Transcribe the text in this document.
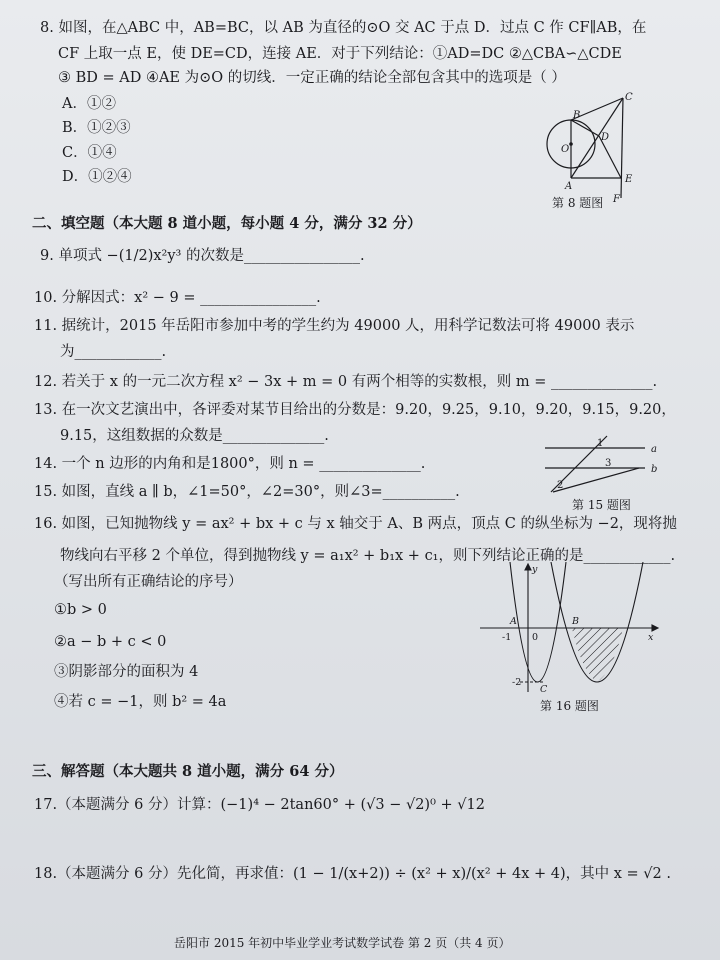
8. 如图，在△ABC 中，AB=BC，以 AB 为直径的⊙O 交 AC 于点 D．过点 C 作 CF∥AB，在
CF 上取一点 E，使 DE=CD，连接 AE．对于下列结论：①AD=DC ②△CBA∽△CDE
③ BD = AD ④AE 为⊙O 的切线．一定正确的结论全部包含其中的选项是（ ）
A．①②
B．①②③
C．①④
D．①②④
B
C
O
D
A
E
F
第 8 题图
二、填空题（本大题 8 道小题，每小题 4 分，满分 32 分）
9. 单项式 −(1/2)x²y³ 的次数是________________.
10. 分解因式：x² − 9 = ________________.
11. 据统计，2015 年岳阳市参加中考的学生约为 49000 人，用科学记数法可将 49000 表示
为____________.
12. 若关于 x 的一元二次方程 x² − 3x + m = 0 有两个相等的实数根，则 m = ______________.
13. 在一次文艺演出中，各评委对某节目给出的分数是：9.20，9.25，9.10，9.20，9.15，9.20，
9.15，这组数据的众数是______________.
14. 一个 n 边形的内角和是1800°，则 n = ______________.
15. 如图，直线 a ∥ b，∠1=50°，∠2=30°，则∠3=__________.
a
b
1
2
3
第 15 题图
16. 如图，已知抛物线 y = ax² + bx + c 与 x 轴交于 A、B 两点，顶点 C 的纵坐标为 −2，现将抛
物线向右平移 2 个单位，得到抛物线 y = a₁x² + b₁x + c₁，则下列结论正确的是____________.
（写出所有正确结论的序号）
①b > 0
②a − b + c < 0
③阴影部分的面积为 4
④若 c = −1，则 b² = 4a
y
x
A	B
C
0
-1
-2
第 16 题图
三、解答题（本大题共 8 道小题，满分 64 分）
17.（本题满分 6 分）计算：(−1)⁴ − 2tan60° + (√3 − √2)⁰ + √12
18.（本题满分 6 分）先化简，再求值：(1 − 1/(x+2)) ÷ (x² + x)/(x² + 4x + 4)，其中 x = √2 .
岳阳市 2015 年初中毕业学业考试数学试卷 第 2 页（共 4 页）
